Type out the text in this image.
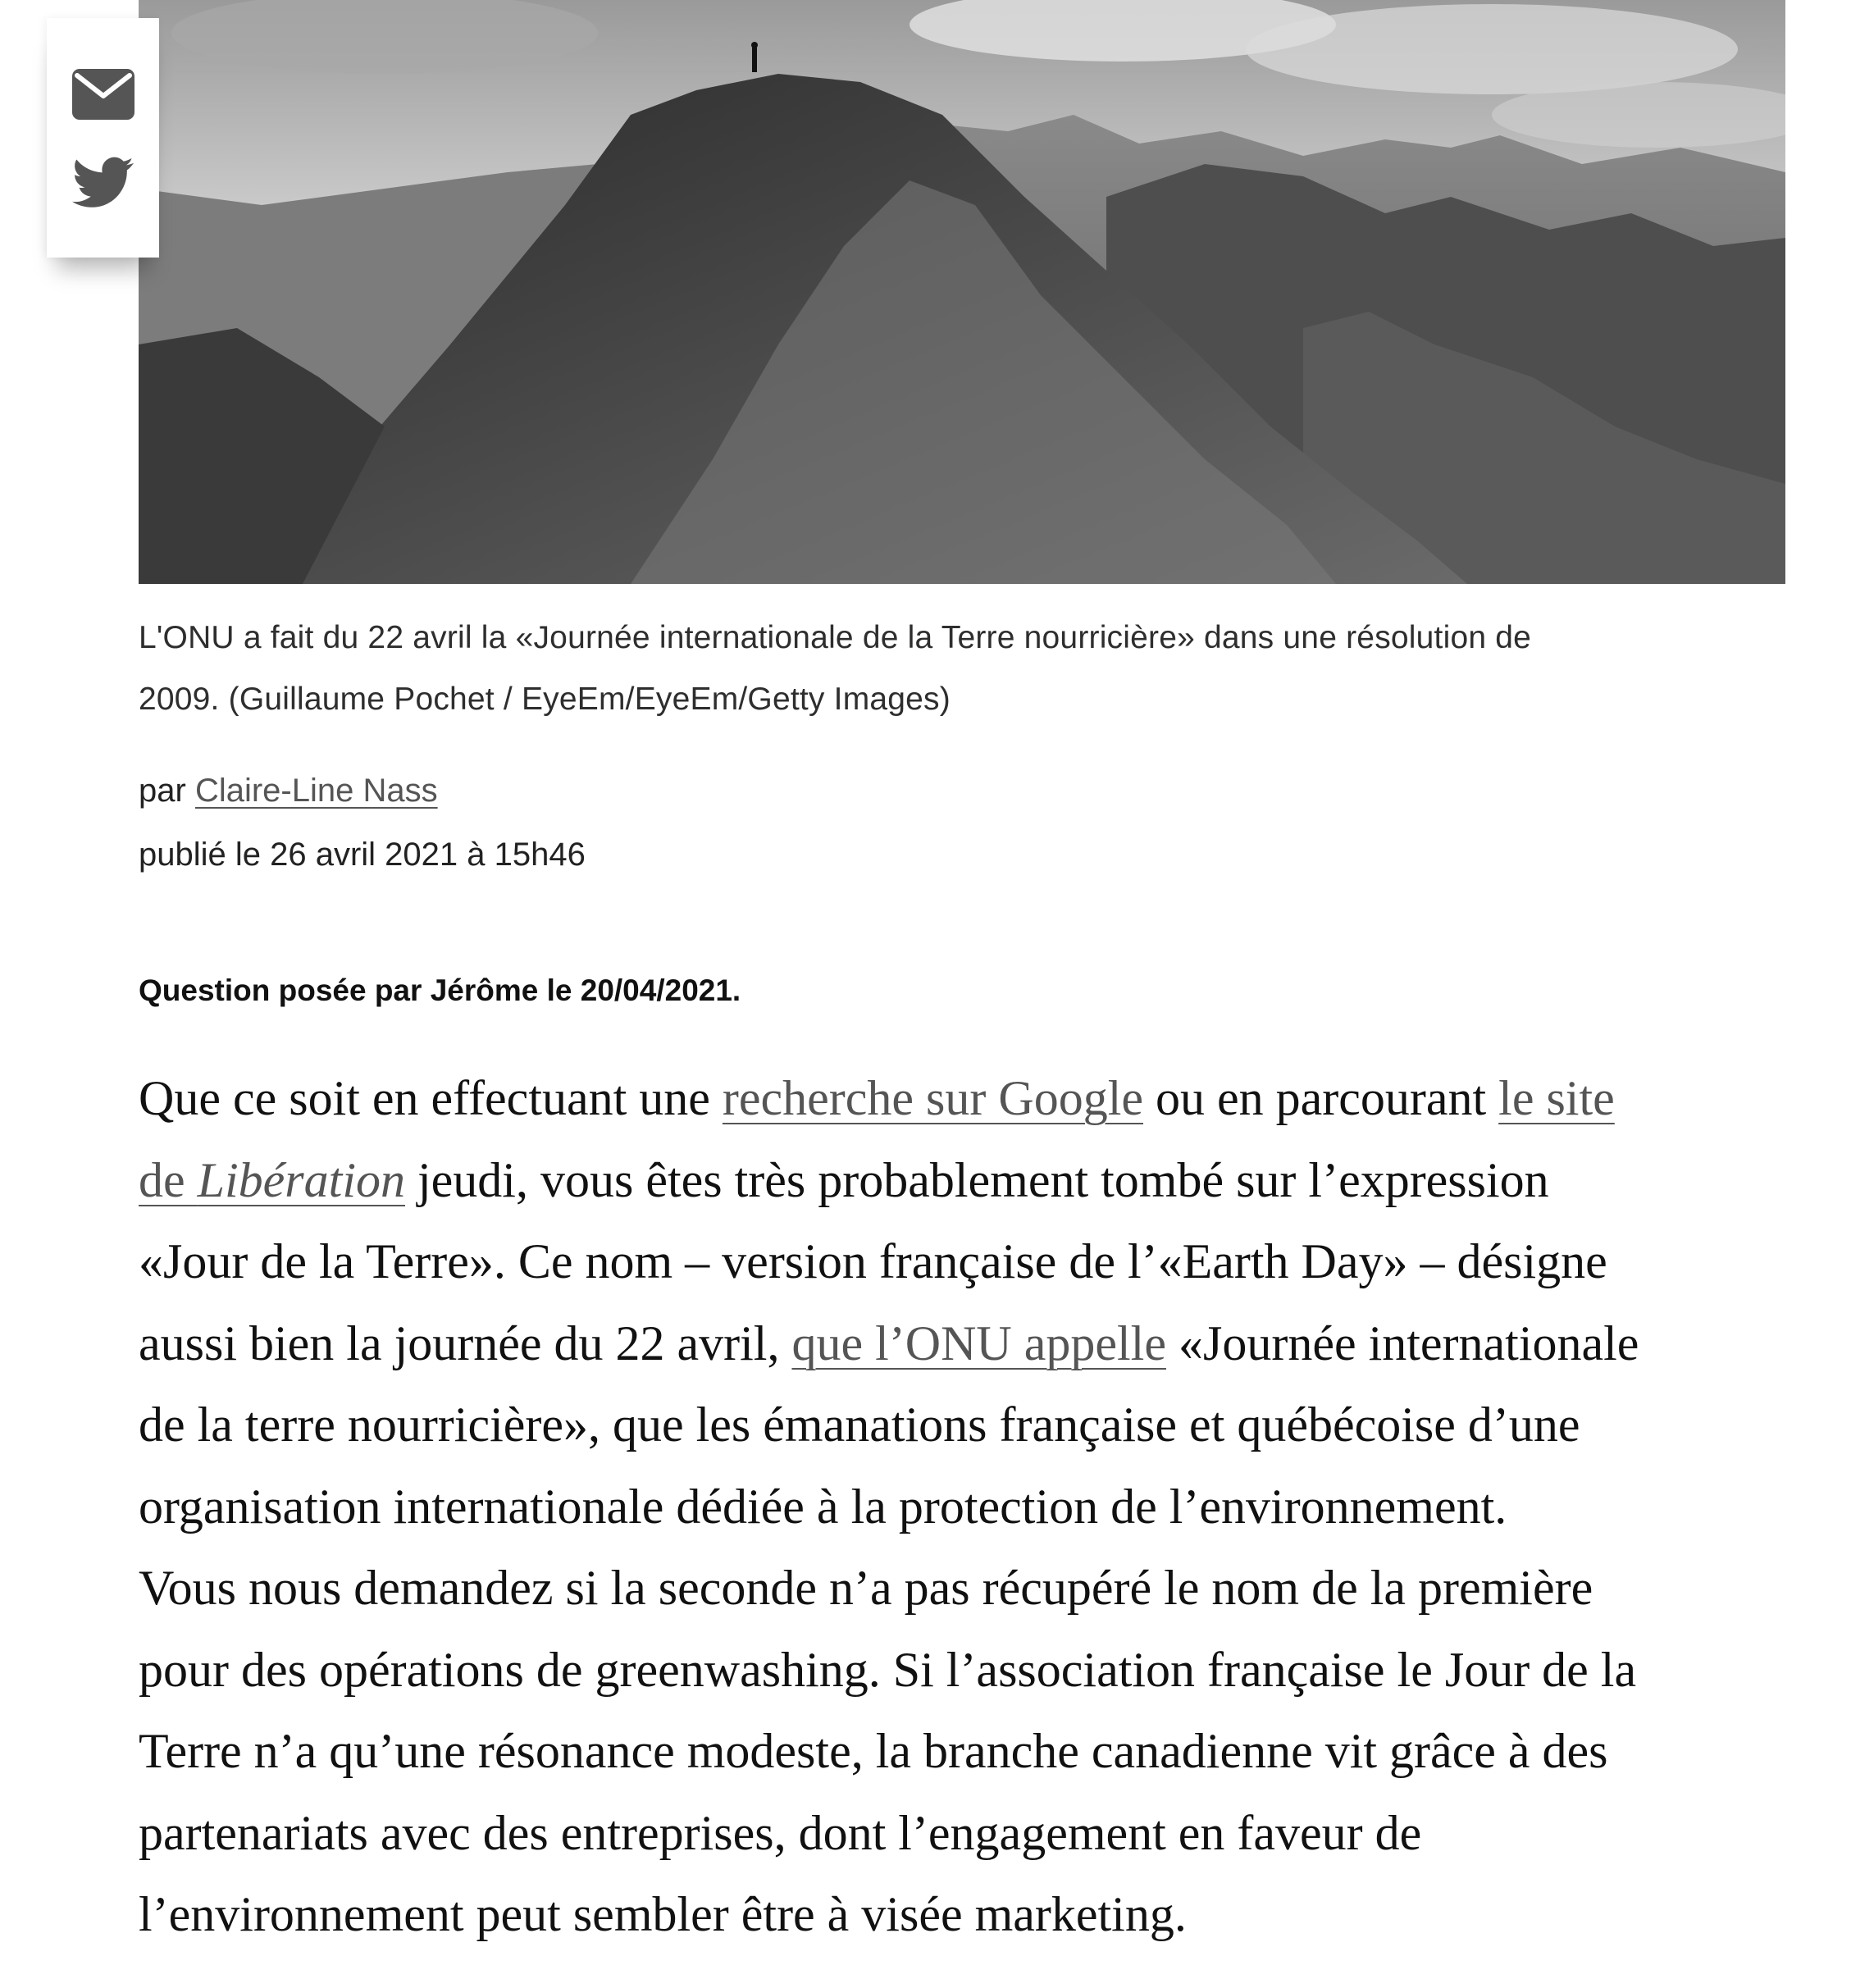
L'ONU a fait du 22 avril la «Journée internationale de la Terre nourricière» dans une résolution de
2009. (Guillaume Pochet / EyeEm/EyeEm/Getty Images)

par Claire-Line Nass

publié le 26 avril 2021 à 15h46

Question posée par Jérôme le 20/04/2021.

Que ce soit en effectuant une recherche sur Google ou en parcourant le site
de Libération jeudi, vous êtes très probablement tombé sur l’expression
«Jour de la Terre». Ce nom – version française de l’«Earth Day» – désigne
aussi bien la journée du 22 avril, que l’ONU appelle «Journée internationale
de la terre nourricière», que les émanations française et québécoise d’une
organisation internationale dédiée à la protection de l’environnement.
Vous nous demandez si la seconde n’a pas récupéré le nom de la première
pour des opérations de greenwashing. Si l’association française le Jour de la
Terre n’a qu’une résonance modeste, la branche canadienne vit grâce à des
partenariats avec des entreprises, dont l’engagement en faveur de
l’environnement peut sembler être à visée marketing.
